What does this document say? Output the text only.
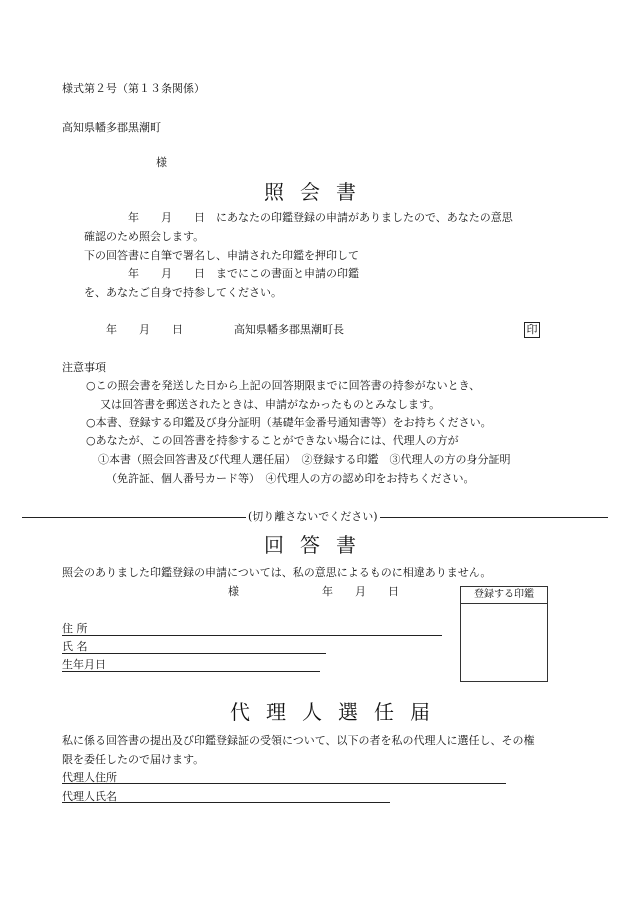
様式第２号（第１３条関係）
高知県幡多郡黒潮町
様
照会書
年　　月　　日　にあなたの印鑑登録の申請がありましたので、あなたの意思
確認のため照会します。
下の回答書に自筆で署名し、申請された印鑑を押印して
年　　月　　日　までにこの書面と申請の印鑑
を、あなたご自身で持参してください。
年　　月　　日	高知県幡多郡黒潮町長	印
注意事項
○この照会書を発送した日から上記の回答期限までに回答書の持参がないとき、
又は回答書を郵送されたときは、申請がなかったものとみなします。
○本書、登録する印鑑及び身分証明（基礎年金番号通知書等）をお持ちください。
○あなたが、この回答書を持参することができない場合には、代理人の方が
①本書（照会回答書及び代理人選任届）　②登録する印鑑　③代理人の方の身分証明
（免許証、個人番号カード等）　④代理人の方の認め印をお持ちください。
(切り離さないでください)
回答書
照会のありました印鑑登録の申請については、私の意思によるものに相違ありません。
様	年　　月　　日	登録する印鑑
住 所
氏 名
生年月日
代理人選任届
私に係る回答書の提出及び印鑑登録証の受領について、以下の者を私の代理人に選任し、その権
限を委任したので届けます。
代理人住所
代理人氏名
